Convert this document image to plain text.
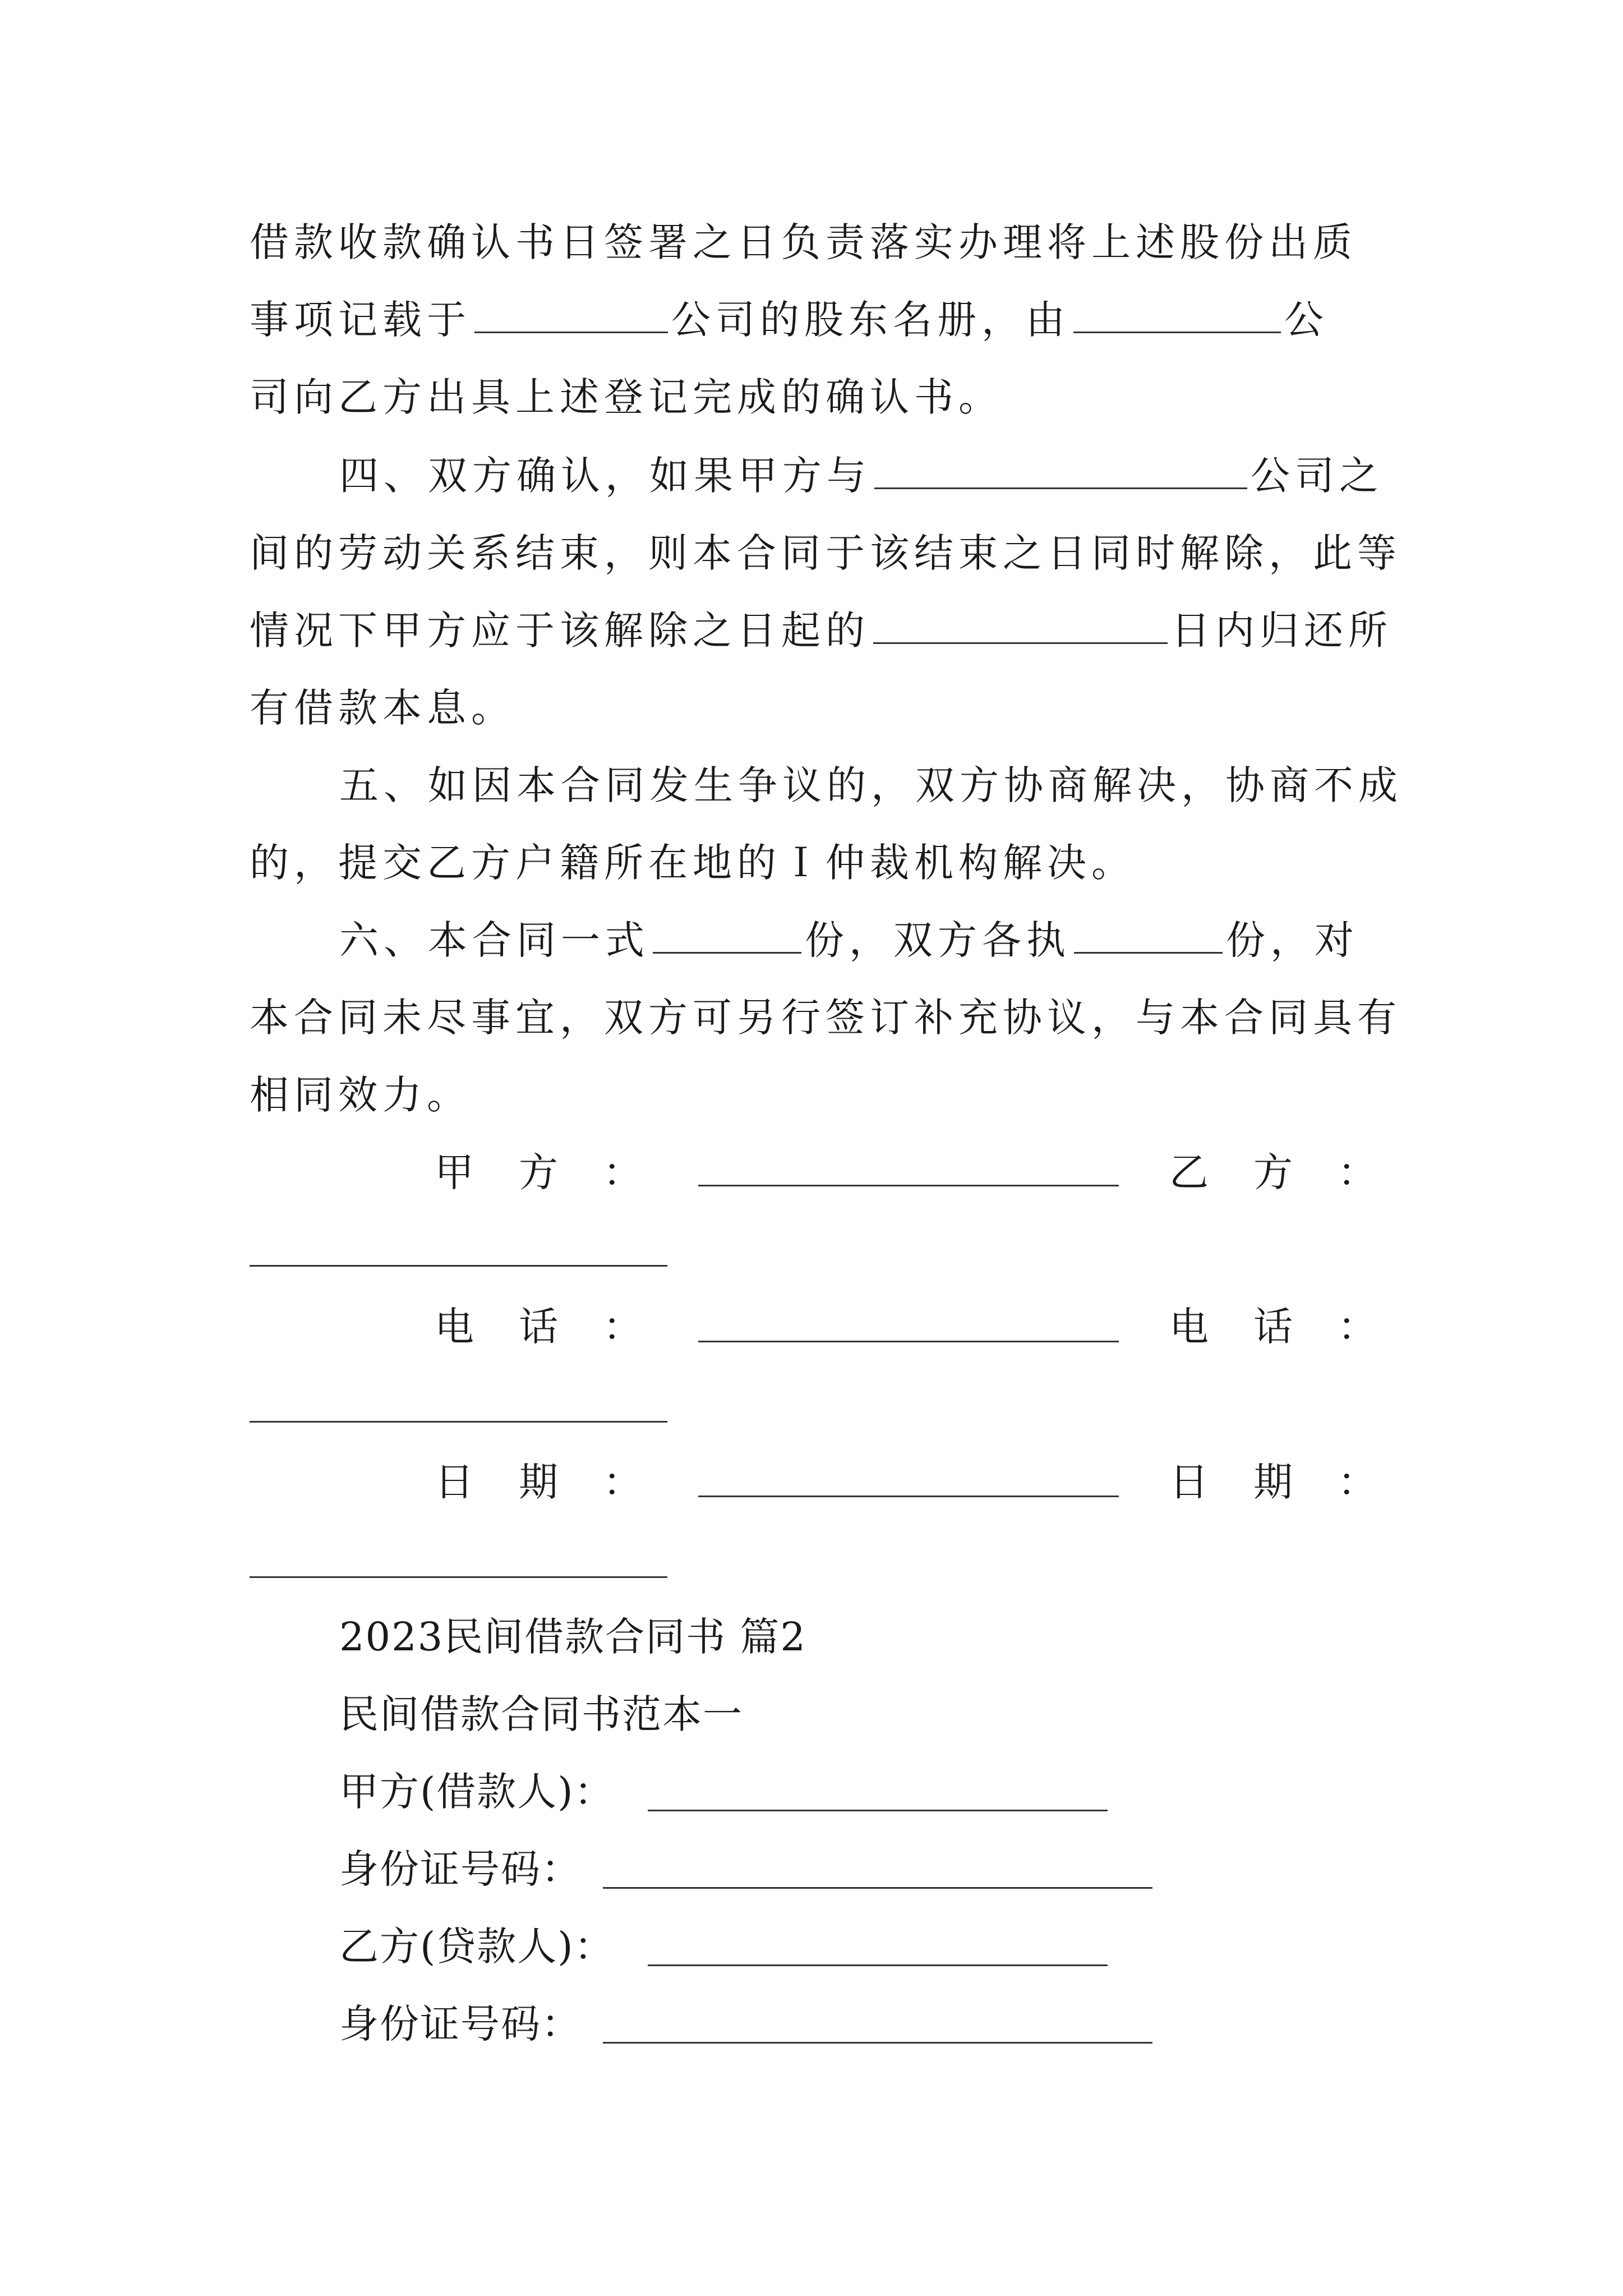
借款收款确认书日签署之日负责落实办理将上述股份出质
事项记载于	公司的股东名册，由	公
司向乙方出具上述登记完成的确认书。
四、双方确认，如果甲方与	公司之
间的劳动关系结束，则本合同于该结束之日同时解除，此等
情况下甲方应于该解除之日起的	日内归还所
有借款本息。
五、如因本合同发生争议的，双方协商解决，协商不成
的，提交乙方户籍所在地的Ｉ仲裁机构解决。
六、本合同一式	份，双方各执	份，对
本合同未尽事宜，双方可另行签订补充协议，与本合同具有
相同效力。
甲方：	乙方：
电话：	电话：
日期：	日期：
2023民间借款合同书 篇2
民间借款合同书范本一
甲方(借款人)：
身份证号码：
乙方(贷款人)：
身份证号码：
